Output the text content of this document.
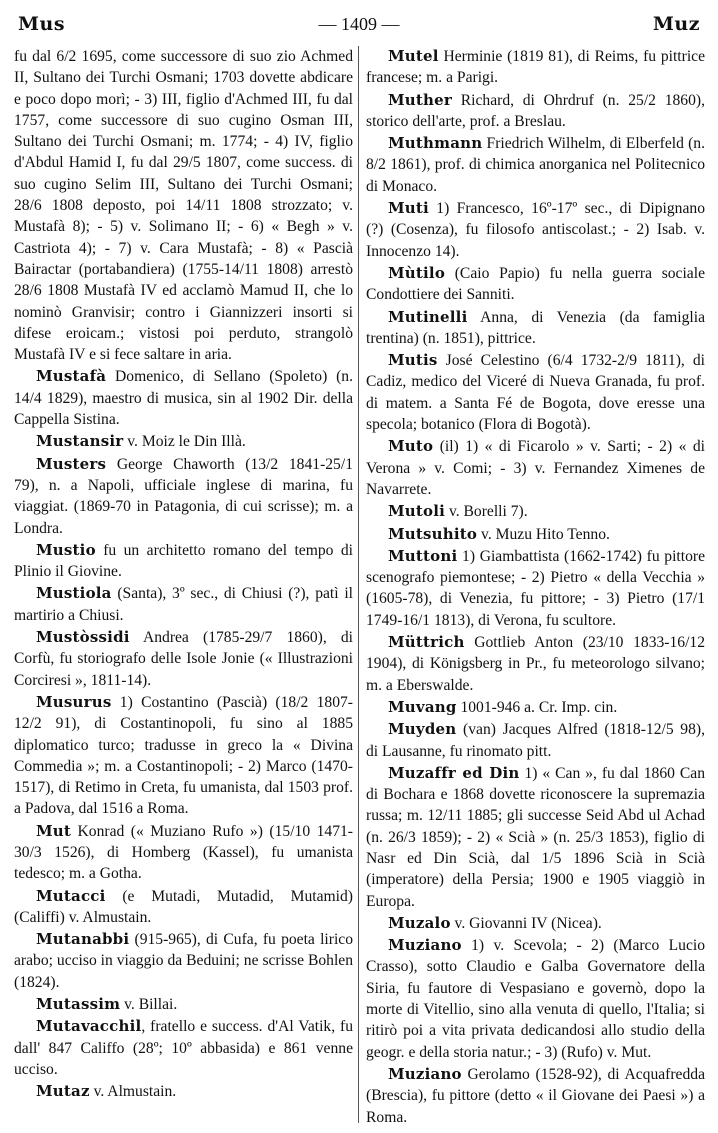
Mus	— 1409 —	Muz

fu dal 6/2 1695, come successore di suo zio Achmed II, Sultano dei Turchi Osmani; 1703 dovette abdicare e poco dopo morì; - 3) III, figlio d'Achmed III, fu dal 1757, come successore di suo cugino Osman III, Sultano dei Turchi Osmani; m. 1774; - 4) IV, figlio d'Abdul Hamid I, fu dal 29/5 1807, come success. di suo cugino Selim III, Sultano dei Turchi Osmani; 28/6 1808 deposto, poi 14/11 1808 strozzato; v. Mustafà 8); - 5) v. Solimano II; - 6) « Begh » v. Castriota 4); - 7) v. Cara Mustafà; - 8) « Pascià Bairactar (portabandiera) (1755-14/11 1808) arrestò 28/6 1808 Mustafà IV ed acclamò Mamud II, che lo nominò Granvisir; contro i Giannizzeri insorti si difese eroicam.; vistosi poi perduto, strangolò Mustafà IV e si fece saltare in aria.

Mustafà Domenico, di Sellano (Spoleto) (n. 14/4 1829), maestro di musica, sin al 1902 Dir. della Cappella Sistina.

Mustansir v. Moiz le Din Illà.

Musters George Chaworth (13/2 1841-25/1 79), n. a Napoli, ufficiale inglese di marina, fu viaggiat. (1869-70 in Patagonia, di cui scrisse); m. a Londra.

Mustio fu un architetto romano del tempo di Plinio il Giovine.

Mustiola (Santa), 3º sec., di Chiusi (?), patì il martirio a Chiusi.

Mustòssidi Andrea (1785-29/7 1860), di Corfù, fu storiografo delle Isole Jonie (« Illustrazioni Corciresi », 1811-14).

Musurus 1) Costantino (Pascià) (18/2 1807-12/2 91), di Costantinopoli, fu sino al 1885 diplomatico turco; tradusse in greco la « Divina Commedia »; m. a Costantinopoli; - 2) Marco (1470-1517), di Retimo in Creta, fu umanista, dal 1503 prof. a Padova, dal 1516 a Roma.

Mut Konrad (« Muziano Rufo ») (15/10 1471-30/3 1526), di Homberg (Kassel), fu umanista tedesco; m. a Gotha.

Mutacci (e Mutadi, Mutadid, Mutamid) (Califfi) v. Almustain.

Mutanabbi (915-965), di Cufa, fu poeta lirico arabo; ucciso in viaggio da Beduini; ne scrisse Bohlen (1824).

Mutassim v. Billai.

Mutavacchil, fratello e success. d'Al Vatik, fu dall' 847 Califfo (28º; 10º abbasida) e 861 venne ucciso.

Mutaz v. Almustain.

Mutel Herminie (1819 81), di Reims, fu pittrice francese; m. a Parigi.

Muther Richard, di Ohrdruf (n. 25/2 1860), storico dell'arte, prof. a Breslau.

Muthmann Friedrich Wilhelm, di Elberfeld (n. 8/2 1861), prof. di chimica anorganica nel Politecnico di Monaco.

Muti 1) Francesco, 16º-17º sec., di Dipignano (?) (Cosenza), fu filosofo antiscolast.; - 2) Isab. v. Innocenzo 14).

Mùtilo (Caio Papio) fu nella guerra sociale Condottiere dei Sanniti.

Mutinelli Anna, di Venezia (da famiglia trentina) (n. 1851), pittrice.

Mutis José Celestino (6/4 1732-2/9 1811), di Cadiz, medico del Viceré di Nueva Granada, fu prof. di matem. a Santa Fé de Bogota, dove eresse una specola; botanico (Flora di Bogotà).

Muto (il) 1) « di Ficarolo » v. Sarti; - 2) « di Verona » v. Comi; - 3) v. Fernandez Ximenes de Navarrete.

Mutoli v. Borelli 7).

Mutsuhito v. Muzu Hito Tenno.

Muttoni 1) Giambattista (1662-1742) fu pittore scenografo piemontese; - 2) Pietro « della Vecchia » (1605-78), di Venezia, fu pittore; - 3) Pietro (17/1 1749-16/1 1813), di Verona, fu scultore.

Müttrich Gottlieb Anton (23/10 1833-16/12 1904), di Königsberg in Pr., fu meteorologo silvano; m. a Eberswalde.

Muvang 1001-946 a. Cr. Imp. cin.

Muyden (van) Jacques Alfred (1818-12/5 98), di Lausanne, fu rinomato pitt.

Muzaffr ed Din 1) « Can », fu dal 1860 Can di Bochara e 1868 dovette riconoscere la supremazia russa; m. 12/11 1885; gli successe Seid Abd ul Achad (n. 26/3 1859); - 2) « Scià » (n. 25/3 1853), figlio di Nasr ed Din Scià, dal 1/5 1896 Scià in Scià (imperatore) della Persia; 1900 e 1905 viaggiò in Europa.

Muzalo v. Giovanni IV (Nicea).

Muziano 1) v. Scevola; - 2) (Marco Lucio Crasso), sotto Claudio e Galba Governatore della Siria, fu fautore di Vespasiano e governò, dopo la morte di Vitellio, sino alla venuta di quello, l'Italia; si ritirò poi a vita privata dedicandosi allo studio della geogr. e della storia natur.; - 3) (Rufo) v. Mut.

Muziano Gerolamo (1528-92), di Acquafredda (Brescia), fu pittore (detto « il Giovane dei Paesi ») a Roma.
